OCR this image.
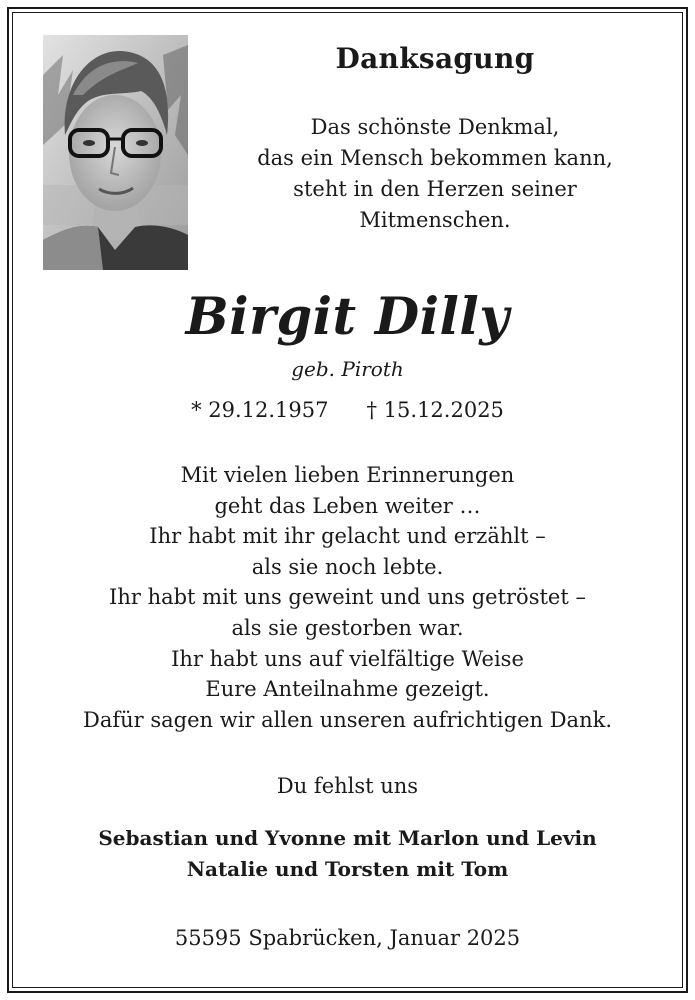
Danksagung
Das schönste Denkmal,
das ein Mensch bekommen kann,
steht in den Herzen seiner
Mitmenschen.
Birgit Dilly
geb. Piroth
* 29.12.1957 † 15.12.2025
Mit vielen lieben Erinnerungen
geht das Leben weiter …
Ihr habt mit ihr gelacht und erzählt –
als sie noch lebte.
Ihr habt mit uns geweint und uns getröstet –
als sie gestorben war.
Ihr habt uns auf vielfältige Weise
Eure Anteilnahme gezeigt.
Dafür sagen wir allen unseren aufrichtigen Dank.
Du fehlst uns
Sebastian und Yvonne mit Marlon und Levin
Natalie und Torsten mit Tom
55595 Spabrücken, Januar 2025
